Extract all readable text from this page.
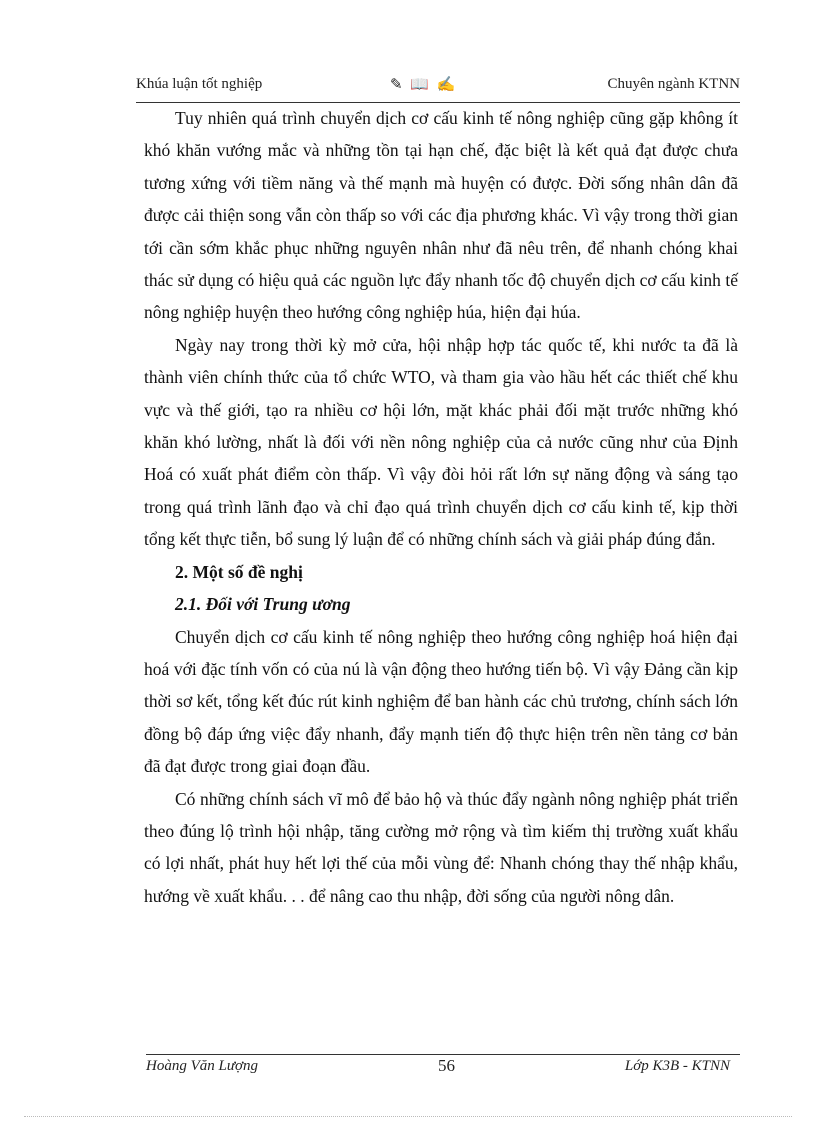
Khúa luận tốt nghiệp	✎ 📖 ✍	Chuyên ngành KTNN

Tuy nhiên quá trình chuyển dịch cơ cấu kinh tế nông nghiệp cũng gặp không ít khó khăn vướng mắc và những tồn tại hạn chế, đặc biệt là kết quả đạt được chưa tương xứng với tiềm năng và thế mạnh mà huyện có được. Đời sống nhân dân đã được cải thiện song vẫn còn thấp so với các địa phương khác. Vì vậy trong thời gian tới cần sớm khắc phục những nguyên nhân như đã nêu trên, để nhanh chóng khai thác sử dụng có hiệu quả các nguồn lực đẩy nhanh tốc độ chuyển dịch cơ cấu kinh tế nông nghiệp huyện theo hướng công nghiệp húa, hiện đại húa.

Ngày nay trong thời kỳ mở cửa, hội nhập hợp tác quốc tế, khi nước ta đã là thành viên chính thức của tổ chức WTO, và tham gia vào hầu hết các thiết chế khu vực và thế giới, tạo ra nhiều cơ hội lớn, mặt khác phải đối mặt trước những khó khăn khó lường, nhất là đối với nền nông nghiệp của cả nước cũng như của Định Hoá có xuất phát điểm còn thấp. Vì vậy đòi hỏi rất lớn sự năng động và sáng tạo trong quá trình lãnh đạo và chỉ đạo quá trình chuyển dịch cơ cấu kinh tế, kịp thời tổng kết thực tiễn, bổ sung lý luận để có những chính sách và giải pháp đúng đắn.

2. Một số đề nghị

2.1. Đối với Trung ương

Chuyển dịch cơ cấu kinh tế nông nghiệp theo hướng công nghiệp hoá hiện đại hoá với đặc tính vốn có của nú là vận động theo hướng tiến bộ. Vì vậy Đảng cần kịp thời sơ kết, tổng kết đúc rút kinh nghiệm để ban hành các chủ trương, chính sách lớn đồng bộ đáp ứng việc đẩy nhanh, đẩy mạnh tiến độ thực hiện trên nền tảng cơ bản đã đạt được trong giai đoạn đầu.

Có những chính sách vĩ mô để bảo hộ và thúc đẩy ngành nông nghiệp phát triển theo đúng lộ trình hội nhập, tăng cường mở rộng và tìm kiếm thị trường xuất khẩu có lợi nhất, phát huy hết lợi thế của mỗi vùng để: Nhanh chóng thay thế nhập khẩu, hướng về xuất khẩu. . . để nâng cao thu nhập, đời sống của người nông dân.

Hoàng Văn Lượng	56	Lớp K3B - KTNN
